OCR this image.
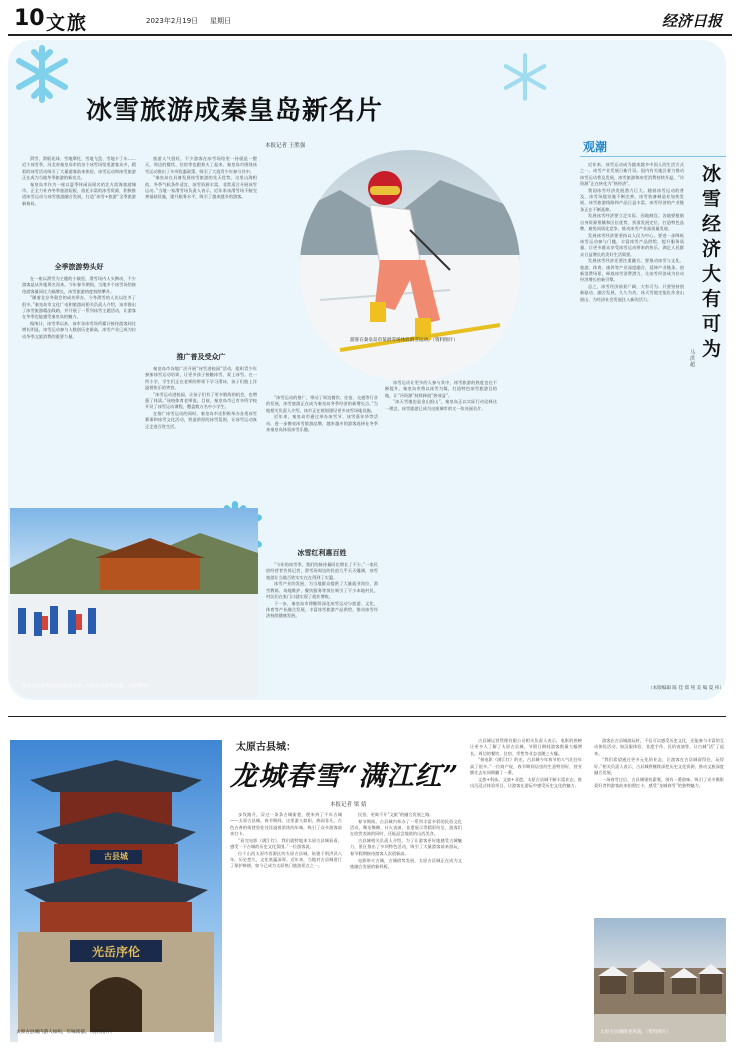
10 文旅	2023年2月19日 星期日	经济日报
冰雪旅游成秦皇岛新名片
本报记者 王胜强

滑雪、滑板花球、雪地摩托、雪地飞盘、雪地卡丁车……近个冰雪季，河北省秦皇岛市的各个冰雪场馆里游客众多，精彩的冰雪活动吸引了大量游客前来体验，冰雪运动和冰雪旅游正在成为当地冬季旅游的新亮点。

秦皇岛市作为一座以夏季休闲而闻名的北方滨海旅游城市，正全力补齐冬季旅游短板，依托丰富的冰雪资源，积极推进冰雪运动与冰雪旅游融合发展，打造“冰雪+旅游”全季旅游新格局。

全季旅游势头好

在一座以滑雪为主题的小镇里，滑雪场内人头攒动，不少游客是从外地慕名而来。今年春节期间，当地多个冰雪场馆接待游客量同比大幅增长，冰雪旅游热度持续攀升。

“随着北京冬奥会的成功举办，今冬滑雪的人比以往多了很多。”秦皇岛市文化广电和旅游局相关负责人介绍，该市推出了冰雪旅游精品线路，并开展了一系列冰雪主题活动，让游客在冬季也能感受秦皇岛的魅力。

据统计，冰雪季以来，该市各冰雪场所累计接待游客同比增长明显，冰雪运动参与人数创历史新高，冰雪产业已成为拉动冬季文旅消费的重要力量。

旅游人气很旺，不少游客在冰雪场馆里一待就是一整天，周边的餐饮、住宿等也跟着火了起来。秦皇岛市围绕冰雪运动推出了多项优惠政策，吸引了大批青少年参与其中。

“秦皇岛在具备发展冰雪旅游的先天优势，这里山海相依，冬季气候条件适宜，冰雪资源丰富，非常适合开展冰雪运动。”当地一家滑雪场负责人表示，近年来该滑雪场不断完善基础设施，提升服务水平，吸引了越来越多的游客。

推广普及受众广

秦皇岛市各地广泛开展“冰雪进校园”活动，组织青少年参加冰雪运动培训，让更多孩子接触冰雪、爱上冰雪。在一所小学，学生们正在老师的带领下学习滑冰，孩子们脸上洋溢着快乐的笑容。

“冰雪运动进校园，让孩子们有了更多锻炼的机会，也增强了体质。”该校体育老师说。目前，秦皇岛市已有多所学校开设了冰雪运动课程，覆盖数万名中小学生。

在推广冰雪运动的同时，秦皇岛市还积极举办各类冰雪赛事和冰雪文化活动，营造浓厚的冰雪氛围，让冰雪运动真正走进百姓生活。

游客在秦皇岛市某滑雪场体验滑雪运动。（资料图片）

“冰雪运动的推广，带动了周边餐饮、住宿、交通等行业的发展，冰雪旅游正在成为秦皇岛冬季经济的新增长点。”当地相关负责人介绍，该市正在规划建设更多冰雪场地设施。

近年来，秦皇岛市通过举办冰雪节、冰雪嘉年华等活动，进一步擦亮冰雪旅游品牌，越来越多的游客选择在冬季来秦皇岛体验冰雪乐趣。

冰雪红利惠百姓

“今年的冰雪季，我们的接待量同比增长了不少。”一家民宿经营者告诉记者，滑雪场周边的民宿几乎天天爆满，冰雪旅游让当地百姓实实在在得到了实惠。

冰雪产业的发展，为当地群众提供了大量就业岗位，滑雪教练、场地维护、餐饮服务等岗位吸引了不少本地村民，村民们在家门口就实现了就业增收。

下一步，秦皇岛市将继续深化冰雪运动与旅游、文化、体育等产业融合发展，丰富冰雪旅游产品供给，推动冰雪经济持续健康发展。

冰雪运动让更多的人参与其中，冰雪旅游的热度也在不断提升。秦皇岛市将以冰雪为媒，打造特色冰雪旅游目的地，让“冷资源”持续释放“热效益”。

“冰天雪地也是金山银山”，秦皇岛正以实际行动诠释这一理念，冰雪旅游已成为这座城市的又一张亮丽名片。

秦皇岛市某滑雪场内游客众多，尽情享受冰雪乐趣。（资料图片）
观潮
冰雪经济大有可为
马洪超

近年来，冰雪运动成为越来越多中国人的生活方式之一，冰雪产业发展日新月异。国内有关地区着力推动冰雪运动普及发展，冰雪旅游和冰雪消费持续升温，“冷资源”正在转化为“热经济”。

我国冰雪经济发展潜力巨大。随着冰雪运动的普及，冰雪场地设施不断完善，冰雪装备制造业加快发展，冰雪旅游线路和产品日益丰富，冰雪经济的产业链条正在不断延伸。

发展冰雪经济要立足实际、因地制宜。各地要根据自身资源禀赋和区位优势，找准发展定位，打造特色品牌，避免同质化竞争，推动冰雪产业高质量发展。

发展冰雪经济要坚持以人民为中心。要进一步降低冰雪运动参与门槛，丰富冰雪产品供给，提升服务质量，让更多群众享受冰雪运动带来的快乐，满足人民群众日益增长的美好生活需要。

发展冰雪经济还要注重融合。要推动冰雪与文化、旅游、体育、康养等产业深度融合，延伸产业链条，创新消费场景，释放冰雪消费潜力，让冰雪经济成为拉动经济增长的新引擎。

总之，冰雪经济前景广阔、大有可为。只要坚持创新驱动、融合发展，久久为功，冰天雪地定能化作金山银山，为经济社会发展注入新的活力。

（本版编辑 陈 佳 郑 纯 美 编 夏 祎）
太原古县城：
龙城春雪“满江红”
本报记者 梁 婧
古县城
光岳序伦
太原古县城内游人如织，年味浓郁。（资料图片）

步伐踏开，穿过一条条古城街巷，便来到了千年古城——太原古县城。春节期间，这里游人如织，热闹非凡，古色古香的街巷里处处洋溢着浓浓的年味，吸引了众多游客前来打卡。

“看完电影《满江红》，我们就特地来太原古县城看看，感受一下古城的历史文化氛围。”一位游客说。

位于山西太原市晋源区的太原古县城，始建于明洪武八年，历史悠久，文化底蕴深厚。近年来，当地对古县城进行了保护修缮，如今已成为太原热门旅游景点之一。

民俗，更离不开“文旅”的融合发展之路。

春节期间，古县城内举办了一系列丰富多彩的民俗文化活动，舞龙舞狮、社火表演、非遗展示等精彩纷呈，游客们在欣赏表演的同时，还能品尝地道的山西美食。

古县城相关负责人介绍，为了让游客更好地感受古城魅力，景区推出了多项特色活动，吸引了大量游客前来游玩，春节假期接待游客人次创新高。

电影带火古城，古城借势发展，太原古县城正在成为文旅融合发展的新样板。

古县城运营管理有限公司相关负责人表示，电影的热映让更多人了解了太原古县城，节假日期间游客数量大幅增长，周边的餐饮、住宿、零售等业态也随之火爆。

“接电影《满江红》的光，古县城今年春节的人气比往年高了很多。”一位商户说，春节期间店里的生意特别好，营业额比去年同期翻了一番。

文旅+科技、文旅+非遗，太原古县城不断丰富业态，推出沉浸式体验项目，让游客在游玩中感受历史文化的魅力。

游客在古县城游玩时，不仅可以感受历史文化，还能参与丰富的互动体验活动，如汉服体验、非遗手作、民俗表演等，让古城“活”了起来。

“我们希望通过更多元化的业态，让游客在古县城留得住、玩得好。”相关负责人表示，古县城将继续深挖历史文化资源，推动文旅深度融合发展。

一场春雪过后，古县城银装素裹，别有一番韵味，吸引了众多摄影爱好者和游客前来拍照打卡，感受“龙城春雪”的独特魅力。

太原古县城街巷风貌。（资料图片）
